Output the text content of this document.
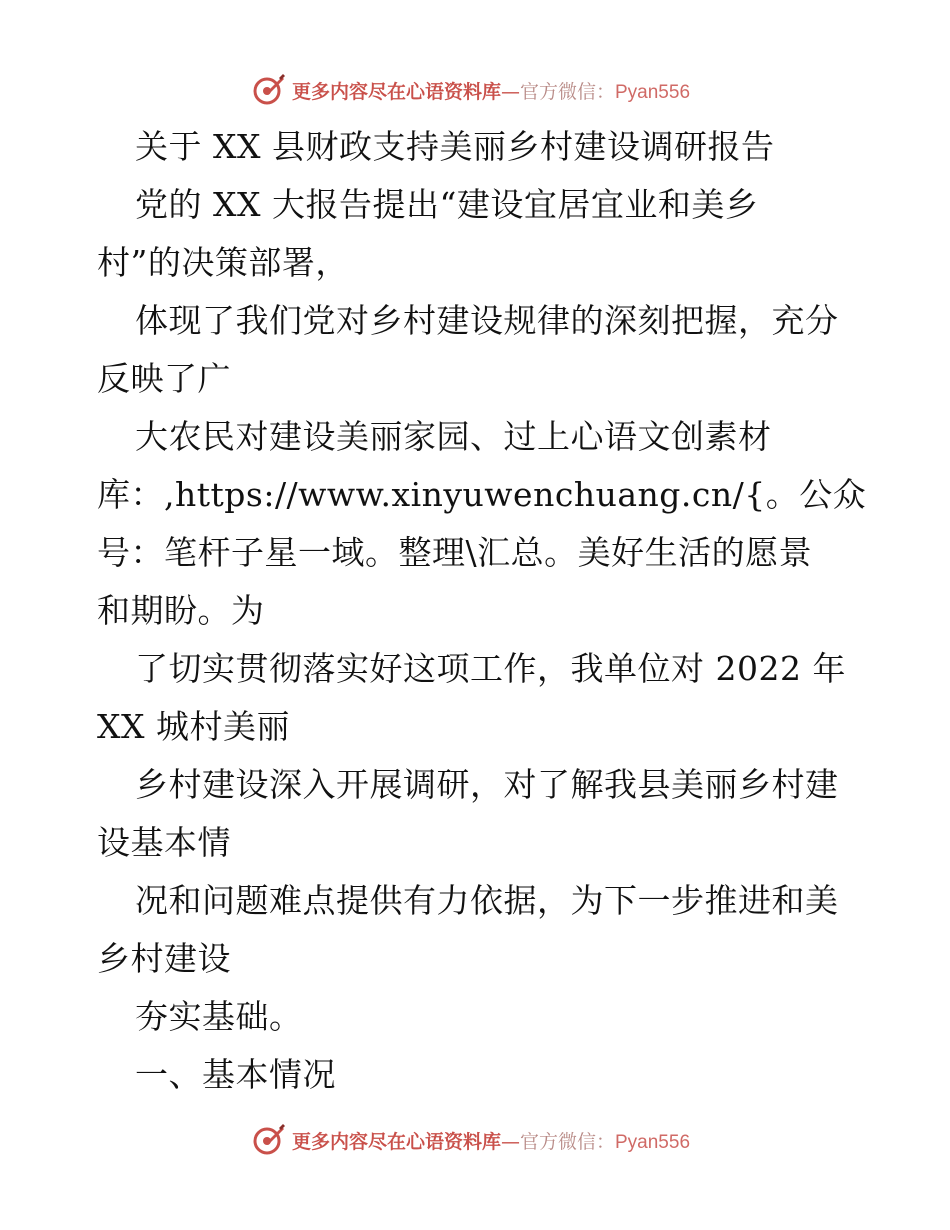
更多内容尽在心语资料库—官方微信：Pyan556
关于 XX 县财政支持美丽乡村建设调研报告
党的 XX 大报告提出“建设宜居宜业和美乡
村”的决策部署，
体现了我们党对乡村建设规律的深刻把握，充分
反映了广
大农民对建设美丽家园、过上心语文创素材
库：,https://www.xinyuwenchuang.cn/{。公众
号：笔杆子星一域。整理\汇总。美好生活的愿景
和期盼。为
了切实贯彻落实好这项工作，我单位对 2022 年
XX 城村美丽
乡村建设深入开展调研，对了解我县美丽乡村建
设基本情
况和问题难点提供有力依据，为下一步推进和美
乡村建设
夯实基础。
一、基本情况
更多内容尽在心语资料库—官方微信：Pyan556
